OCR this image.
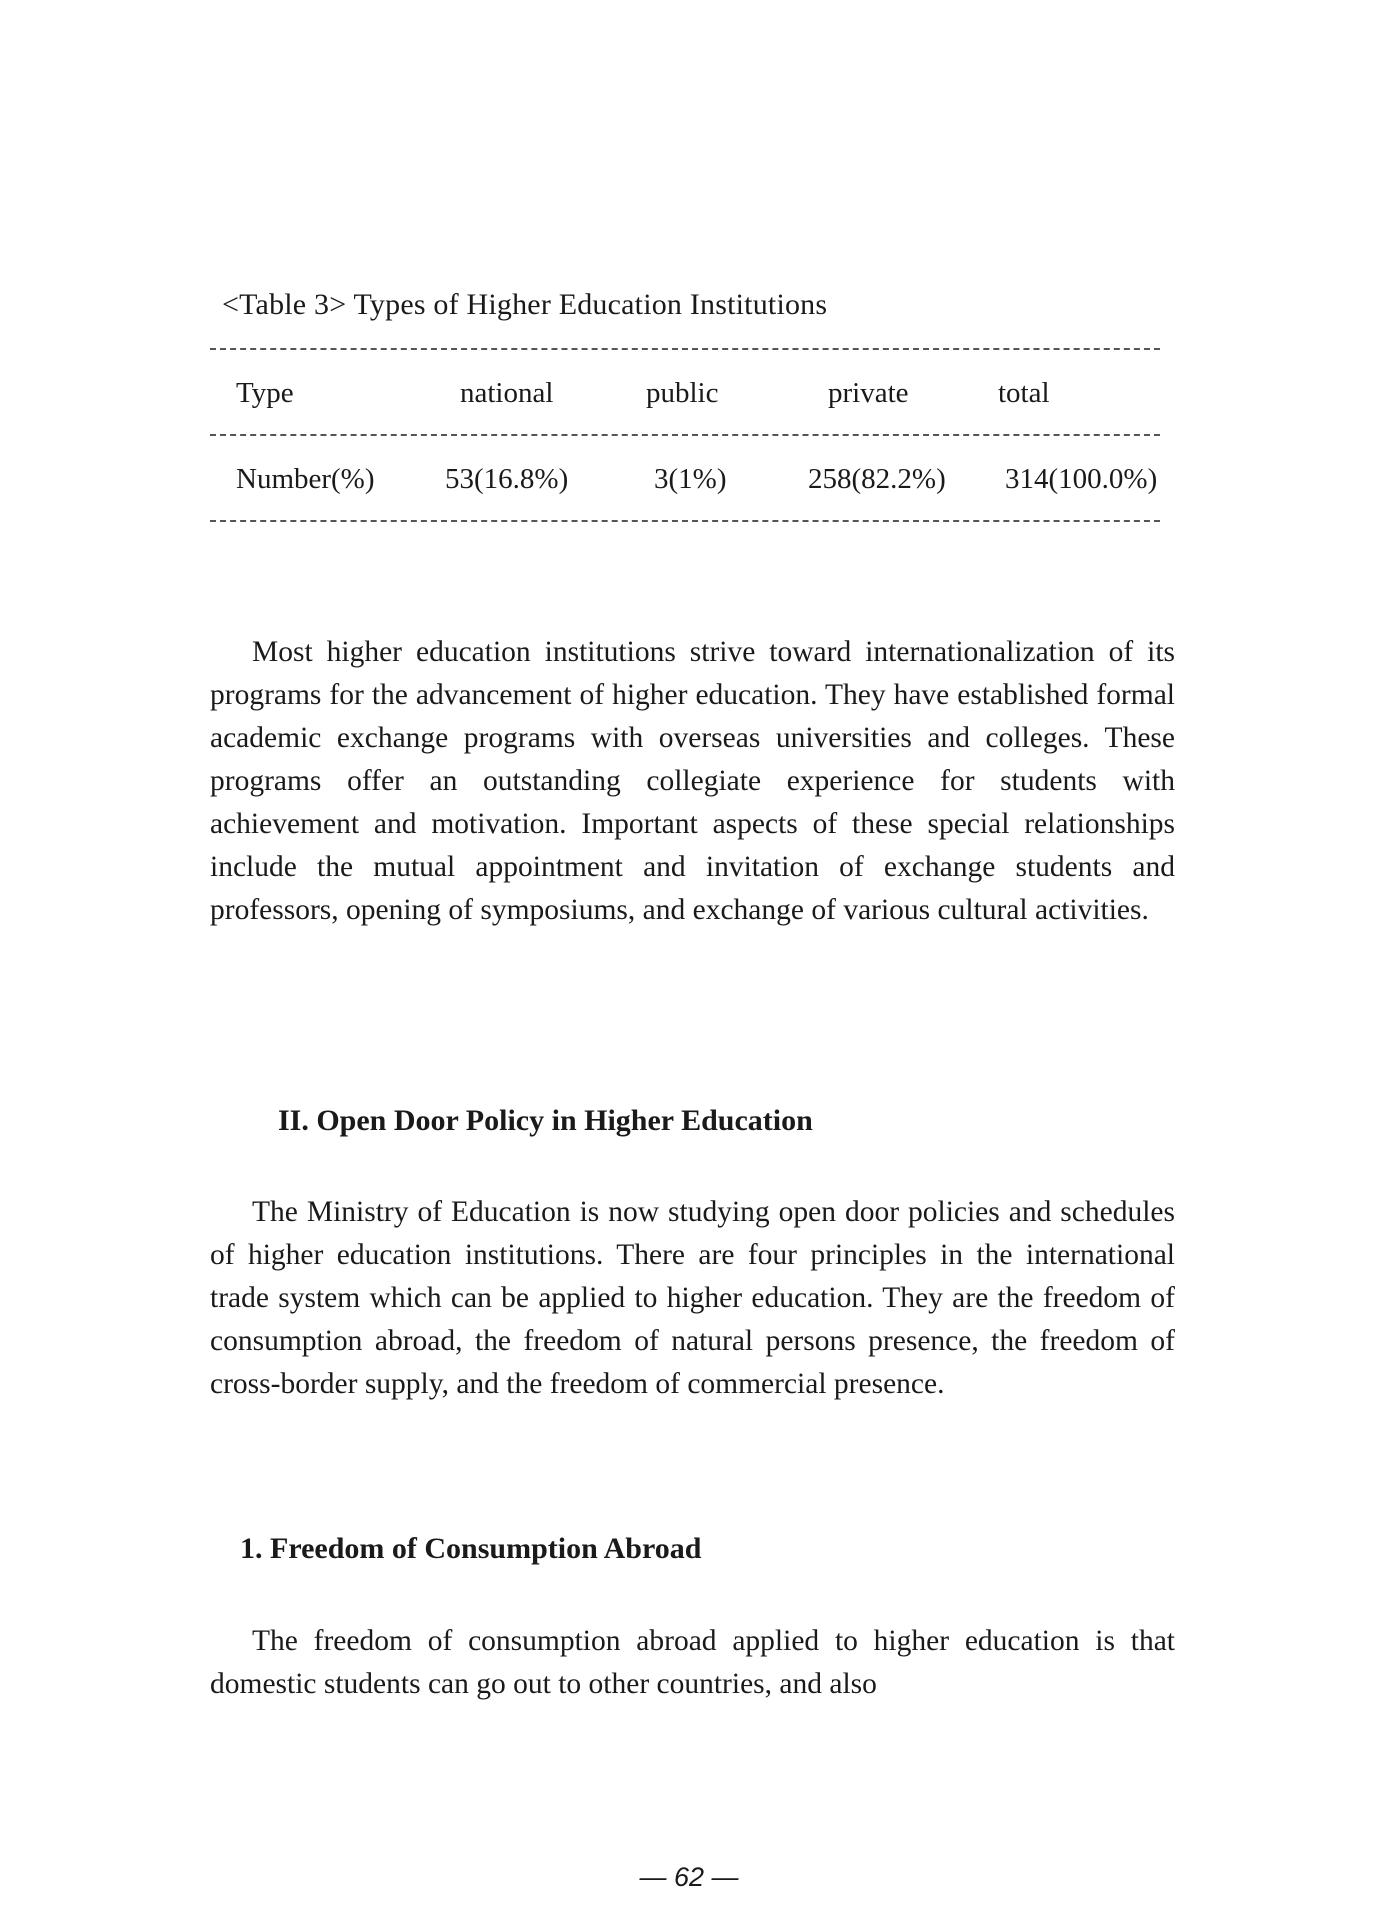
<Table 3> Types of Higher Education Institutions
Type	national	public	private	total
Number(%) 53(16.8%)	3(1%)	258(82.2%) 314(100.0%)

Most higher education institutions strive toward internationalization of its programs for the advancement of higher education. They have established formal academic exchange programs with overseas universities and colleges. These programs offer an outstanding collegiate experience for students with achievement and motivation. Important aspects of these special relationships include the mutual appointment and invitation of exchange students and professors, opening of symposiums, and exchange of various cultural activities.

II. Open Door Policy in Higher Education

The Ministry of Education is now studying open door policies and schedules of higher education institutions. There are four principles in the international trade system which can be applied to higher education. They are the freedom of consumption abroad, the freedom of natural persons presence, the freedom of cross-border supply, and the freedom of commercial presence.

1. Freedom of Consumption Abroad

The freedom of consumption abroad applied to higher education is that domestic students can go out to other countries, and also

— 62 —
